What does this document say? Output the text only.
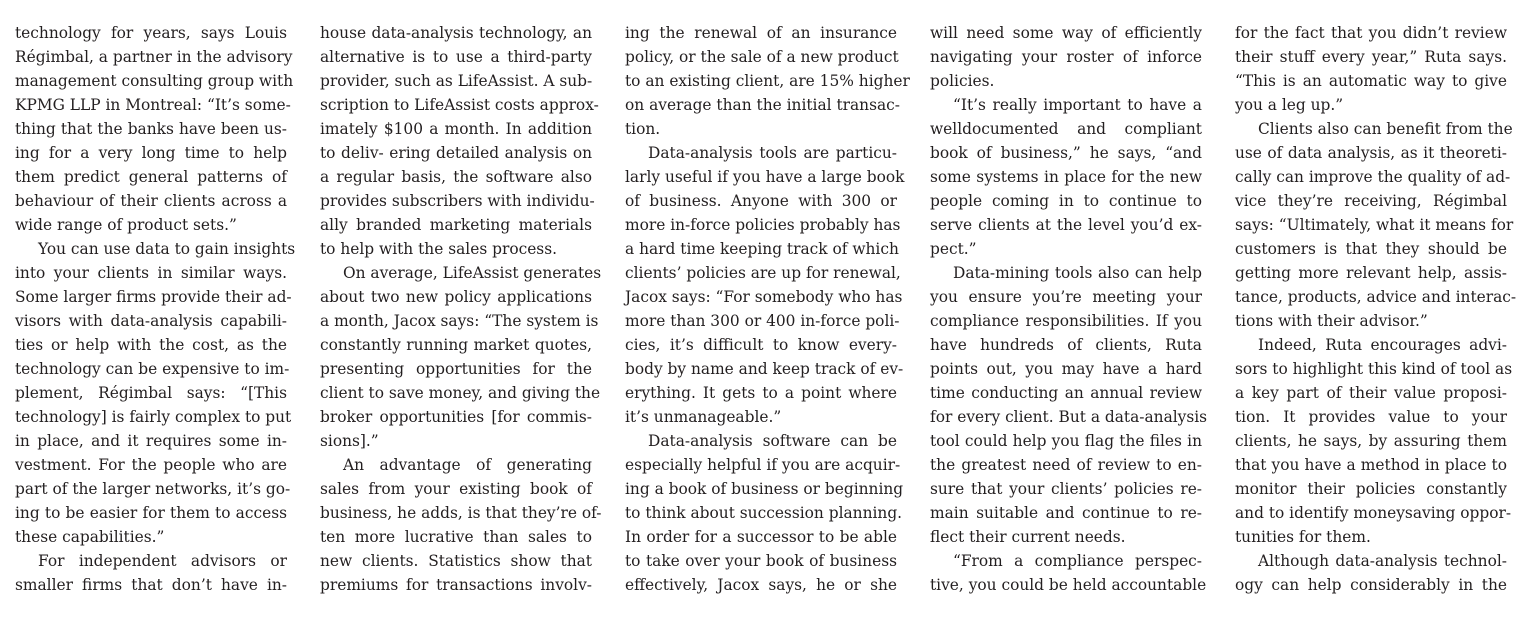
technology for years, says Louis
Régimbal, a partner in the advisory
management consulting group with
KPMG LLP in Montreal: “It’s some-
thing that the banks have been us-
ing for a very long time to help
them predict general patterns of
behaviour of their clients across a
wide range of product sets.”
You can use data to gain insights
into your clients in similar ways.
Some larger firms provide their ad-
visors with data-analysis capabili-
ties or help with the cost, as the
technology can be expensive to im-
plement, Régimbal says: “[This
technology] is fairly complex to put
in place, and it requires some in-
vestment. For the people who are
part of the larger networks, it’s go-
ing to be easier for them to access
these capabilities.”
For independent advisors or
smaller firms that don’t have in-
house data-analysis technology, an
alternative is to use a third-party
provider, such as LifeAssist. A sub-
scription to LifeAssist costs approx-
imately $100 a month. In addition
to deliv- ering detailed analysis on
a regular basis, the software also
provides subscribers with individu-
ally branded marketing materials
to help with the sales process.
On average, LifeAssist generates
about two new policy applications
a month, Jacox says: “The system is
constantly running market quotes,
presenting opportunities for the
client to save money, and giving the
broker opportunities [for commis-
sions].”
An advantage of generating
sales from your existing book of
business, he adds, is that they’re of-
ten more lucrative than sales to
new clients. Statistics show that
premiums for transactions involv-
ing the renewal of an insurance
policy, or the sale of a new product
to an existing client, are 15% higher
on average than the initial transac-
tion.
Data-analysis tools are particu-
larly useful if you have a large book
of business. Anyone with 300 or
more in-force policies probably has
a hard time keeping track of which
clients’ policies are up for renewal,
Jacox says: “For somebody who has
more than 300 or 400 in-force poli-
cies, it’s difficult to know every-
body by name and keep track of ev-
erything. It gets to a point where
it’s unmanageable.”
Data-analysis software can be
especially helpful if you are acquir-
ing a book of business or beginning
to think about succession planning.
In order for a successor to be able
to take over your book of business
effectively, Jacox says, he or she
will need some way of efficiently
navigating your roster of inforce
policies.
“It’s really important to have a
welldocumented and compliant
book of business,” he says, “and
some systems in place for the new
people coming in to continue to
serve clients at the level you’d ex-
pect.”
Data-mining tools also can help
you ensure you’re meeting your
compliance responsibilities. If you
have hundreds of clients, Ruta
points out, you may have a hard
time conducting an annual review
for every client. But a data-analysis
tool could help you flag the files in
the greatest need of review to en-
sure that your clients’ policies re-
main suitable and continue to re-
flect their current needs.
“From a compliance perspec-
tive, you could be held accountable
for the fact that you didn’t review
their stuff every year,” Ruta says.
“This is an automatic way to give
you a leg up.”
Clients also can benefit from the
use of data analysis, as it theoreti-
cally can improve the quality of ad-
vice they’re receiving, Régimbal
says: “Ultimately, what it means for
customers is that they should be
getting more relevant help, assis-
tance, products, advice and interac-
tions with their advisor.”
Indeed, Ruta encourages advi-
sors to highlight this kind of tool as
a key part of their value proposi-
tion. It provides value to your
clients, he says, by assuring them
that you have a method in place to
monitor their policies constantly
and to identify moneysaving oppor-
tunities for them.
Although data-analysis technol-
ogy can help considerably in the
